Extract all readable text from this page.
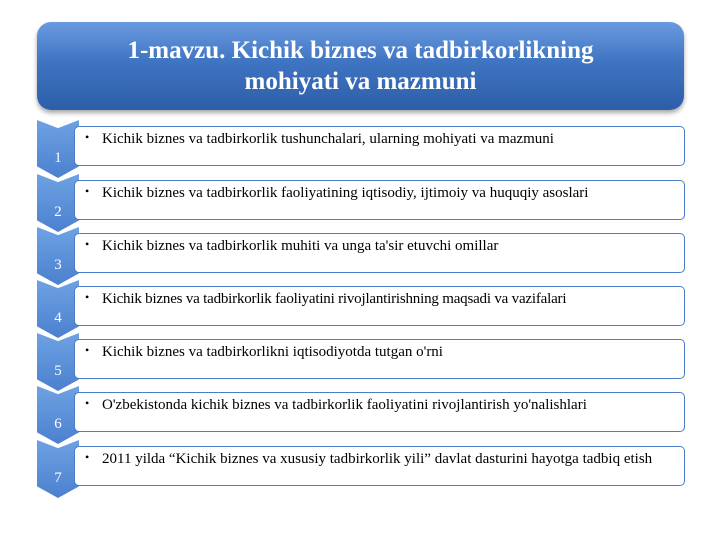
1-mavzu. Kichik biznes va tadbirkorlikning
mohiyati va mazmuni
1
• Kichik biznes va tadbirkorlik tushunchalari, ularning mohiyati va mazmuni
2
• Kichik biznes va tadbirkorlik faoliyatining iqtisodiy, ijtimoiy va huquqiy asoslari
3
• Kichik biznes va tadbirkorlik muhiti va unga ta'sir etuvchi omillar
4
• Kichik biznes va tadbirkorlik faoliyatini rivojlantirishning maqsadi va vazifalari
5
• Kichik biznes va tadbirkorlikni iqtisodiyotda tutgan o'rni
6
• O'zbekistonda kichik biznes va tadbirkorlik faoliyatini rivojlantirish yo'nalishlari
7
• 2011 yilda “Kichik biznes va xususiy tadbirkorlik yili” davlat dasturini hayotga tadbiq etish
